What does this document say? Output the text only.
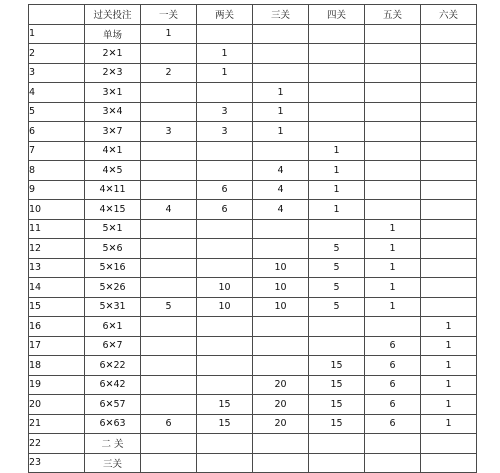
	过关投注	一关	两关	三关	四关	五关	六关
1	单场	1					
2	2✕1		1				
3	2✕3	2	1				
4	3✕1			1			
5	3✕4		3	1			
6	3✕7	3	3	1			
7	4✕1				1		
8	4✕5			4	1		
9	4✕11		6	4	1		
10	4✕15	4	6	4	1		
11	5✕1					1	
12	5✕6				5	1	
13	5✕16			10	5	1	
14	5✕26		10	10	5	1	
15	5✕31	5	10	10	5	1	
16	6✕1						1
17	6✕7					6	1
18	6✕22				15	6	1
19	6✕42			20	15	6	1
20	6✕57		15	20	15	6	1
21	6✕63	6	15	20	15	6	1
22	二 关						
23	三关						
